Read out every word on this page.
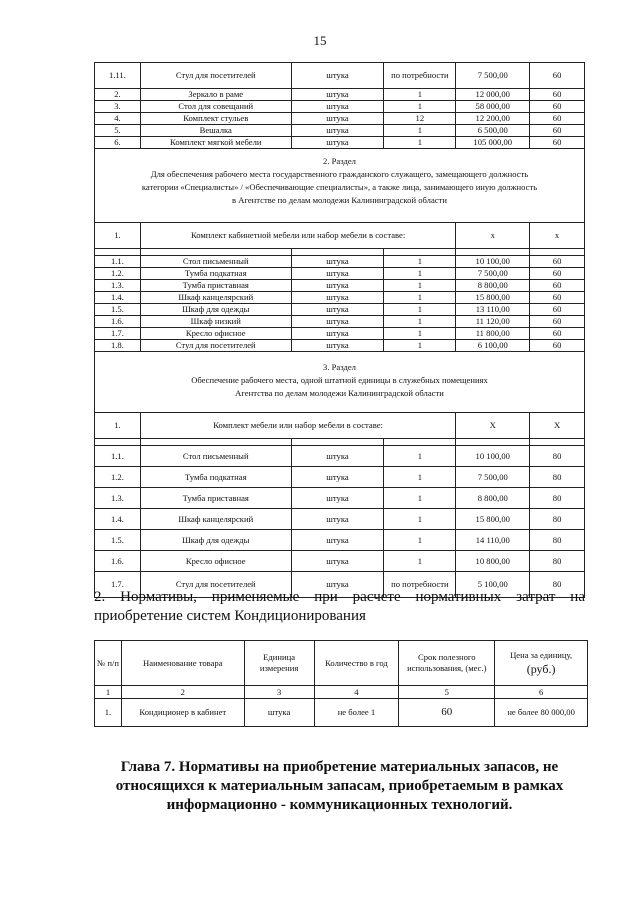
15
1.11.	Стул для посетителей	штука	по потребности	7 500,00	60
2.	Зеркало в раме	штука	1	12 000,00	60
3.	Стол для совещаний	штука	1	58 000,00	60
4.	Комплект стульев	штука	12	12 200,00	60
5.	Вешалка	штука	1	6 500,00	60
6.	Комплект мягкой мебели	штука	1	105 000,00	60

2. Раздел
Для обеспечения рабочего места государственного гражданского служащего, замещающего должность
категории «Специалисты» / «Обеспечивающие специалисты», а также лица, занимающего иную должность
в Агентстве по делам молодежи Калининградской области					

1.	Комплект кабинетной мебели или набор мебели в составе:			х	х

1.1.	Стол письменный	штука	1	10 100,00	60
1.2.	Тумба подкатная	штука	1	7 500,00	60
1.3.	Тумба приставная	штука	1	8 800,00	60
1.4.	Шкаф канцелярский	штука	1	15 800,00	60
1.5.	Шкаф для одежды	штука	1	13 110,00	60
1.6.	Шкаф низкий	штука	1	11 120,00	60
1.7.	Кресло офисное	штука	1	11 800,00	60
1.8.	Стул для посетителей	штука	1	6 100,00	60

3. Раздел
Обеспечение рабочего места, одной штатной единицы в служебных помещениях
Агентства по делам молодежи Калининградской области					

1.	Комплект мебели или набор мебели в составе:			Х	Х

1.1.	Стол письменный	штука	1	10 100,00	80
1.2.	Тумба подкатная	штука	1	7 500,00	80
1.3.	Тумба приставная	штука	1	8 800,00	80
1.4.	Шкаф канцелярский	штука	1	15 800,00	80
1.5.	Шкаф для одежды	штука	1	14 110,00	80
1.6.	Кресло офисное	штука	1	10 800,00	80
1.7.	Стул для посетителей	штука	по потребности	5 100,00	80
2. Нормативы, применяемые при расчете нормативных затрат на
приобретение систем Кондиционирования
№ п/п	Наименование товара	Единица измерения	Количество в год	Срок полезного использования, (мес.)	Цена за единицу,
(руб.)

1	2	3	4	5	6
1.	Кондиционер в кабинет	штука	не более 1	60	не более 80 000,00
Глава 7. Нормативы на приобретение материальных запасов, не
относящихся к материальным запасам, приобретаемым в рамках
информационно - коммуникационных технологий.
